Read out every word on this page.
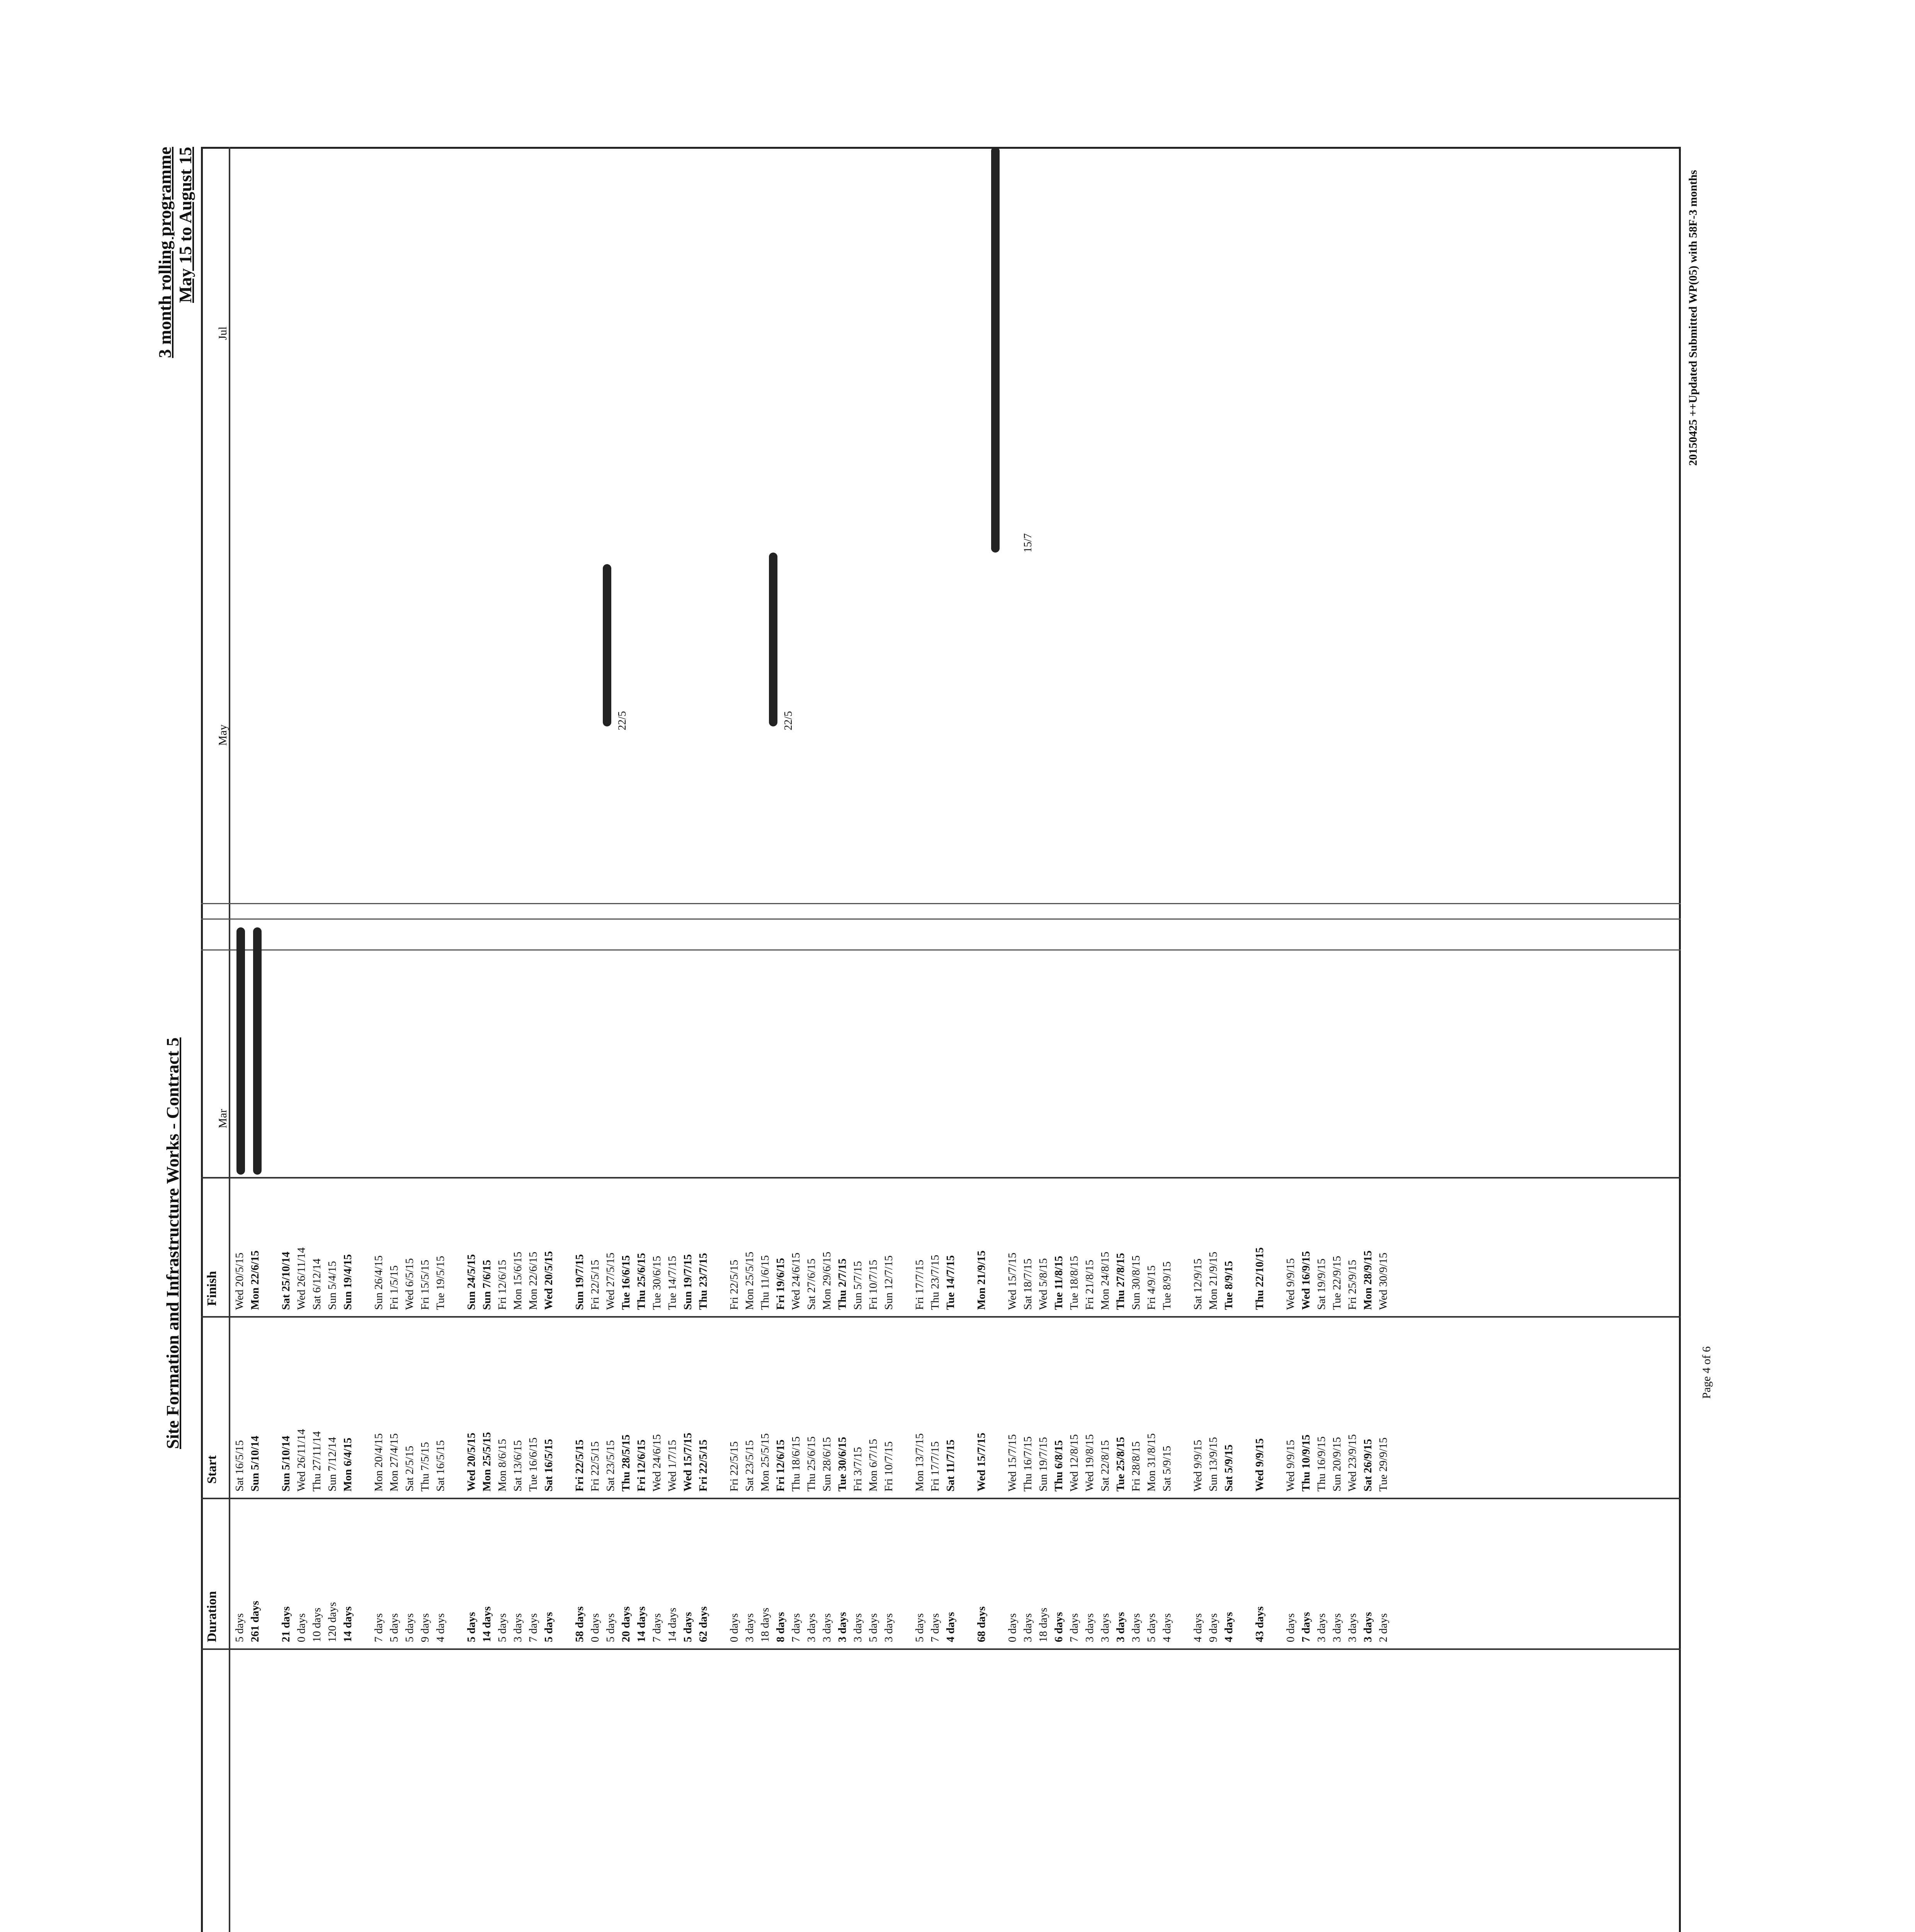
Site Formation and Infrastructure Works - Contract 5
3 month rolling programme May 15 to August 15
Duration
Start
Finish
5 days
Sat 16/5/15
Wed 20/5/15
261 days
Sun 5/10/14
Mon 22/6/15
21 days
Sun 5/10/14
Sat 25/10/14
0 days
Wed 26/11/14
Wed 26/11/14
10 days
Thu 27/11/14
Sat 6/12/14
120 days
Sun 7/12/14
Sun 5/4/15
14 days
Mon 6/4/15
Sun 19/4/15
7 days
Mon 20/4/15
Sun 26/4/15
5 days
Mon 27/4/15
Fri 1/5/15
5 days
Sat 2/5/15
Wed 6/5/15
9 days
Thu 7/5/15
Fri 15/5/15
4 days
Sat 16/5/15
Tue 19/5/15
5 days
Wed 20/5/15
Sun 24/5/15
14 days
Mon 25/5/15
Sun 7/6/15
5 days
Mon 8/6/15
Fri 12/6/15
3 days
Sat 13/6/15
Mon 15/6/15
7 days
Tue 16/6/15
Mon 22/6/15
5 days
Sat 16/5/15
Wed 20/5/15
58 days
Fri 22/5/15
Sun 19/7/15
0 days
Fri 22/5/15
Fri 22/5/15
5 days
Sat 23/5/15
Wed 27/5/15
20 days
Thu 28/5/15
Tue 16/6/15
14 days
Fri 12/6/15
Thu 25/6/15
7 days
Wed 24/6/15
Tue 30/6/15
14 days
Wed 1/7/15
Tue 14/7/15
5 days
Wed 15/7/15
Sun 19/7/15
62 days
Fri 22/5/15
Thu 23/7/15
0 days
Fri 22/5/15
Fri 22/5/15
3 days
Sat 23/5/15
Mon 25/5/15
18 days
Mon 25/5/15
Thu 11/6/15
8 days
Fri 12/6/15
Fri 19/6/15
7 days
Thu 18/6/15
Wed 24/6/15
3 days
Thu 25/6/15
Sat 27/6/15
3 days
Sun 28/6/15
Mon 29/6/15
3 days
Tue 30/6/15
Thu 2/7/15
3 days
Fri 3/7/15
Sun 5/7/15
5 days
Mon 6/7/15
Fri 10/7/15
3 days
Fri 10/7/15
Sun 12/7/15
5 days
Mon 13/7/15
Fri 17/7/15
7 days
Fri 17/7/15
Thu 23/7/15
4 days
Sat 11/7/15
Tue 14/7/15
68 days
Wed 15/7/15
Mon 21/9/15
0 days
Wed 15/7/15
Wed 15/7/15
3 days
Thu 16/7/15
Sat 18/7/15
18 days
Sun 19/7/15
Wed 5/8/15
6 days
Thu 6/8/15
Tue 11/8/15
7 days
Wed 12/8/15
Tue 18/8/15
3 days
Wed 19/8/15
Fri 21/8/15
3 days
Sat 22/8/15
Mon 24/8/15
3 days
Tue 25/8/15
Thu 27/8/15
3 days
Fri 28/8/15
Sun 30/8/15
5 days
Mon 31/8/15
Fri 4/9/15
4 days
Sat 5/9/15
Tue 8/9/15
4 days
Wed 9/9/15
Sat 12/9/15
9 days
Sun 13/9/15
Mon 21/9/15
4 days
Sat 5/9/15
Tue 8/9/15
43 days
Wed 9/9/15
Thu 22/10/15
0 days
Wed 9/9/15
Wed 9/9/15
7 days
Thu 10/9/15
Wed 16/9/15
3 days
Thu 16/9/15
Sat 19/9/15
3 days
Sun 20/9/15
Tue 22/9/15
3 days
Wed 23/9/15
Fri 25/9/15
3 days
Sat 26/9/15
Mon 28/9/15
2 days
Tue 29/9/15
Wed 30/9/15
Mar
May
Jul
22/5	22/5
15/7
Page 4 of 6
20150425 ++Updated Submitted WP(05) with 58F-3 months
